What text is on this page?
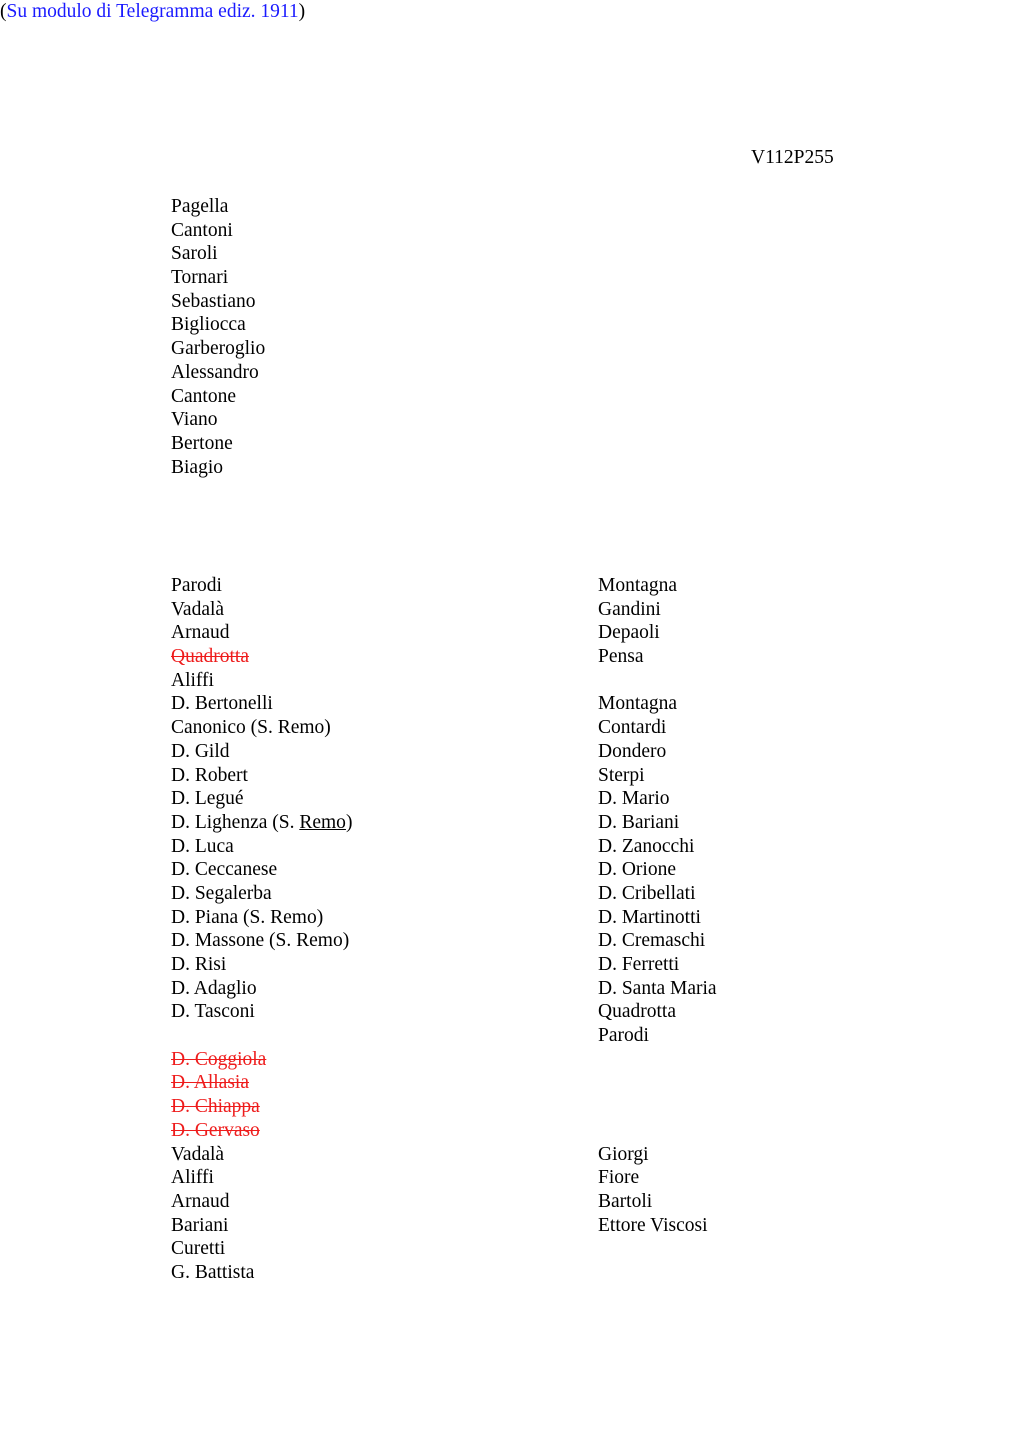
V112P255
Pagella
Cantoni
Saroli
Tornari
Sebastiano
Bigliocca
Garberoglio
Alessandro
Cantone
Viano
Bertone
Biagio
(Su modulo di Telegramma ediz. 1911)
Parodi
Vadalà
Arnaud
Quadrotta
Aliffi
D. Bertonelli
Canonico (S. Remo)
D. Gild
D. Robert
D. Legué
D. Lighenza (S. Remo)
D. Luca
D. Ceccanese
D. Segalerba
D. Piana (S. Remo)
D. Massone (S. Remo)
D. Risi
D. Adaglio
D. Tasconi
D. Coggiola
D. Allasia
D. Chiappa
D. Gervaso
Vadalà
Aliffi
Arnaud
Bariani
Curetti
G. Battista
Montagna
Gandini
Depaoli
Pensa
Montagna
Contardi
Dondero
Sterpi
D. Mario
D. Bariani
D. Zanocchi
D. Orione
D. Cribellati
D. Martinotti
D. Cremaschi
D. Ferretti
D. Santa Maria
Quadrotta
Parodi
Giorgi
Fiore
Bartoli
Ettore Viscosi
